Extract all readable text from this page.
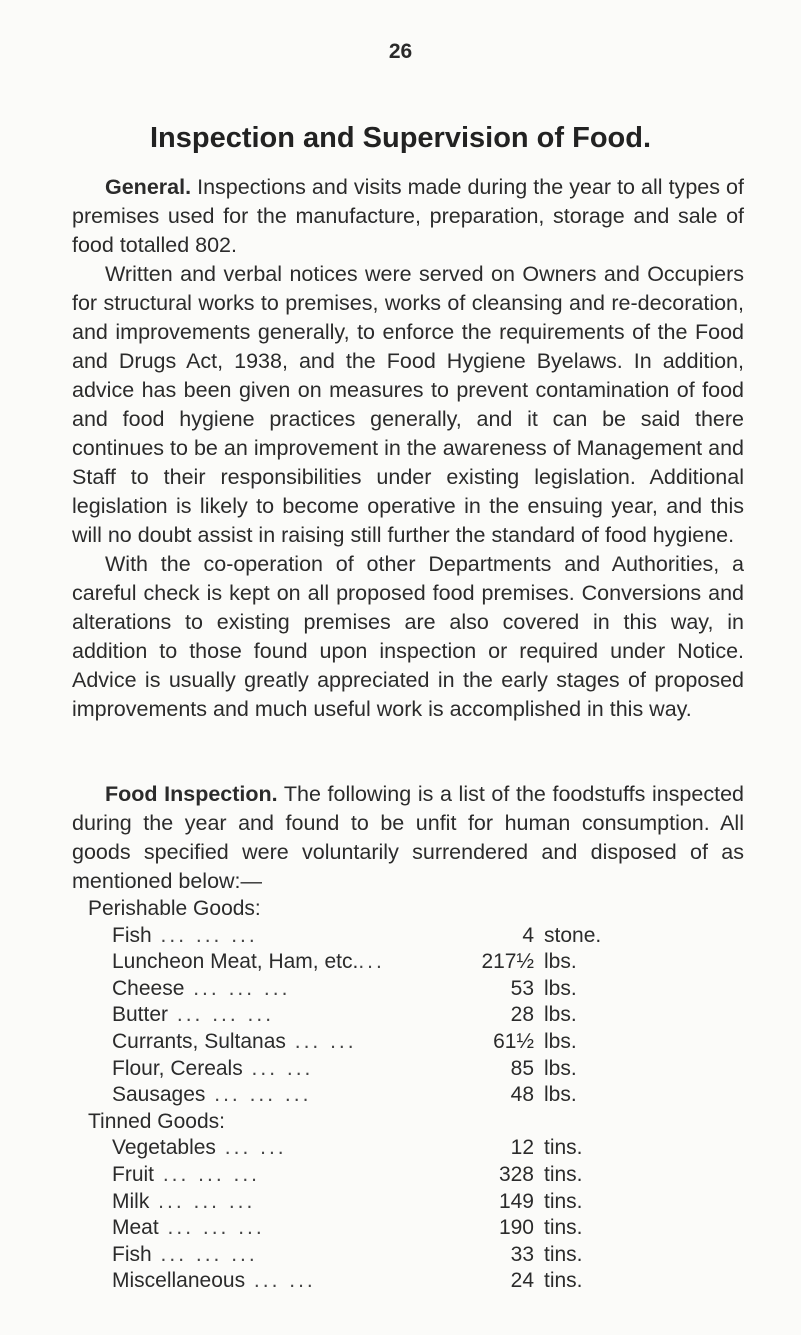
26
Inspection and Supervision of Food.

General. Inspections and visits made during the year to all types of premises used for the manufacture, preparation, storage and sale of food totalled 802.

Written and verbal notices were served on Owners and Occupiers for structural works to premises, works of cleansing and re-decoration, and improvements generally, to enforce the requirements of the Food and Drugs Act, 1938, and the Food Hygiene Byelaws. In addition, advice has been given on measures to prevent contamination of food and food hygiene practices generally, and it can be said there continues to be an improvement in the awareness of Management and Staff to their responsibilities under existing legislation. Additional legislation is likely to become operative in the ensuing year, and this will no doubt assist in raising still further the standard of food hygiene.

With the co-operation of other Departments and Authorities, a careful check is kept on all proposed food premises. Conversions and alterations to existing premises are also covered in this way, in addition to those found upon inspection or required under Notice. Advice is usually greatly appreciated in the early stages of proposed improvements and much useful work is accomplished in this way.

Food Inspection. The following is a list of the foodstuffs inspected during the year and found to be unfit for human consumption. All goods specified were voluntarily surrendered and disposed of as mentioned below:—

Perishable Goods:
Fish ... ... ...	4 stone.
Luncheon Meat, Ham, etc....	217½ lbs.
Cheese ... ... ...	53 lbs.
Butter ... ... ...	28 lbs.
Currants, Sultanas ... ...	61½ lbs.
Flour, Cereals ... ...	85 lbs.
Sausages ... ... ...	48 lbs.
Tinned Goods:
Vegetables ... ...	12 tins.
Fruit ... ... ...	328 tins.
Milk ... ... ...	149 tins.
Meat ... ... ...	190 tins.
Fish ... ... ...	33 tins.
Miscellaneous ... ...	24 tins.
